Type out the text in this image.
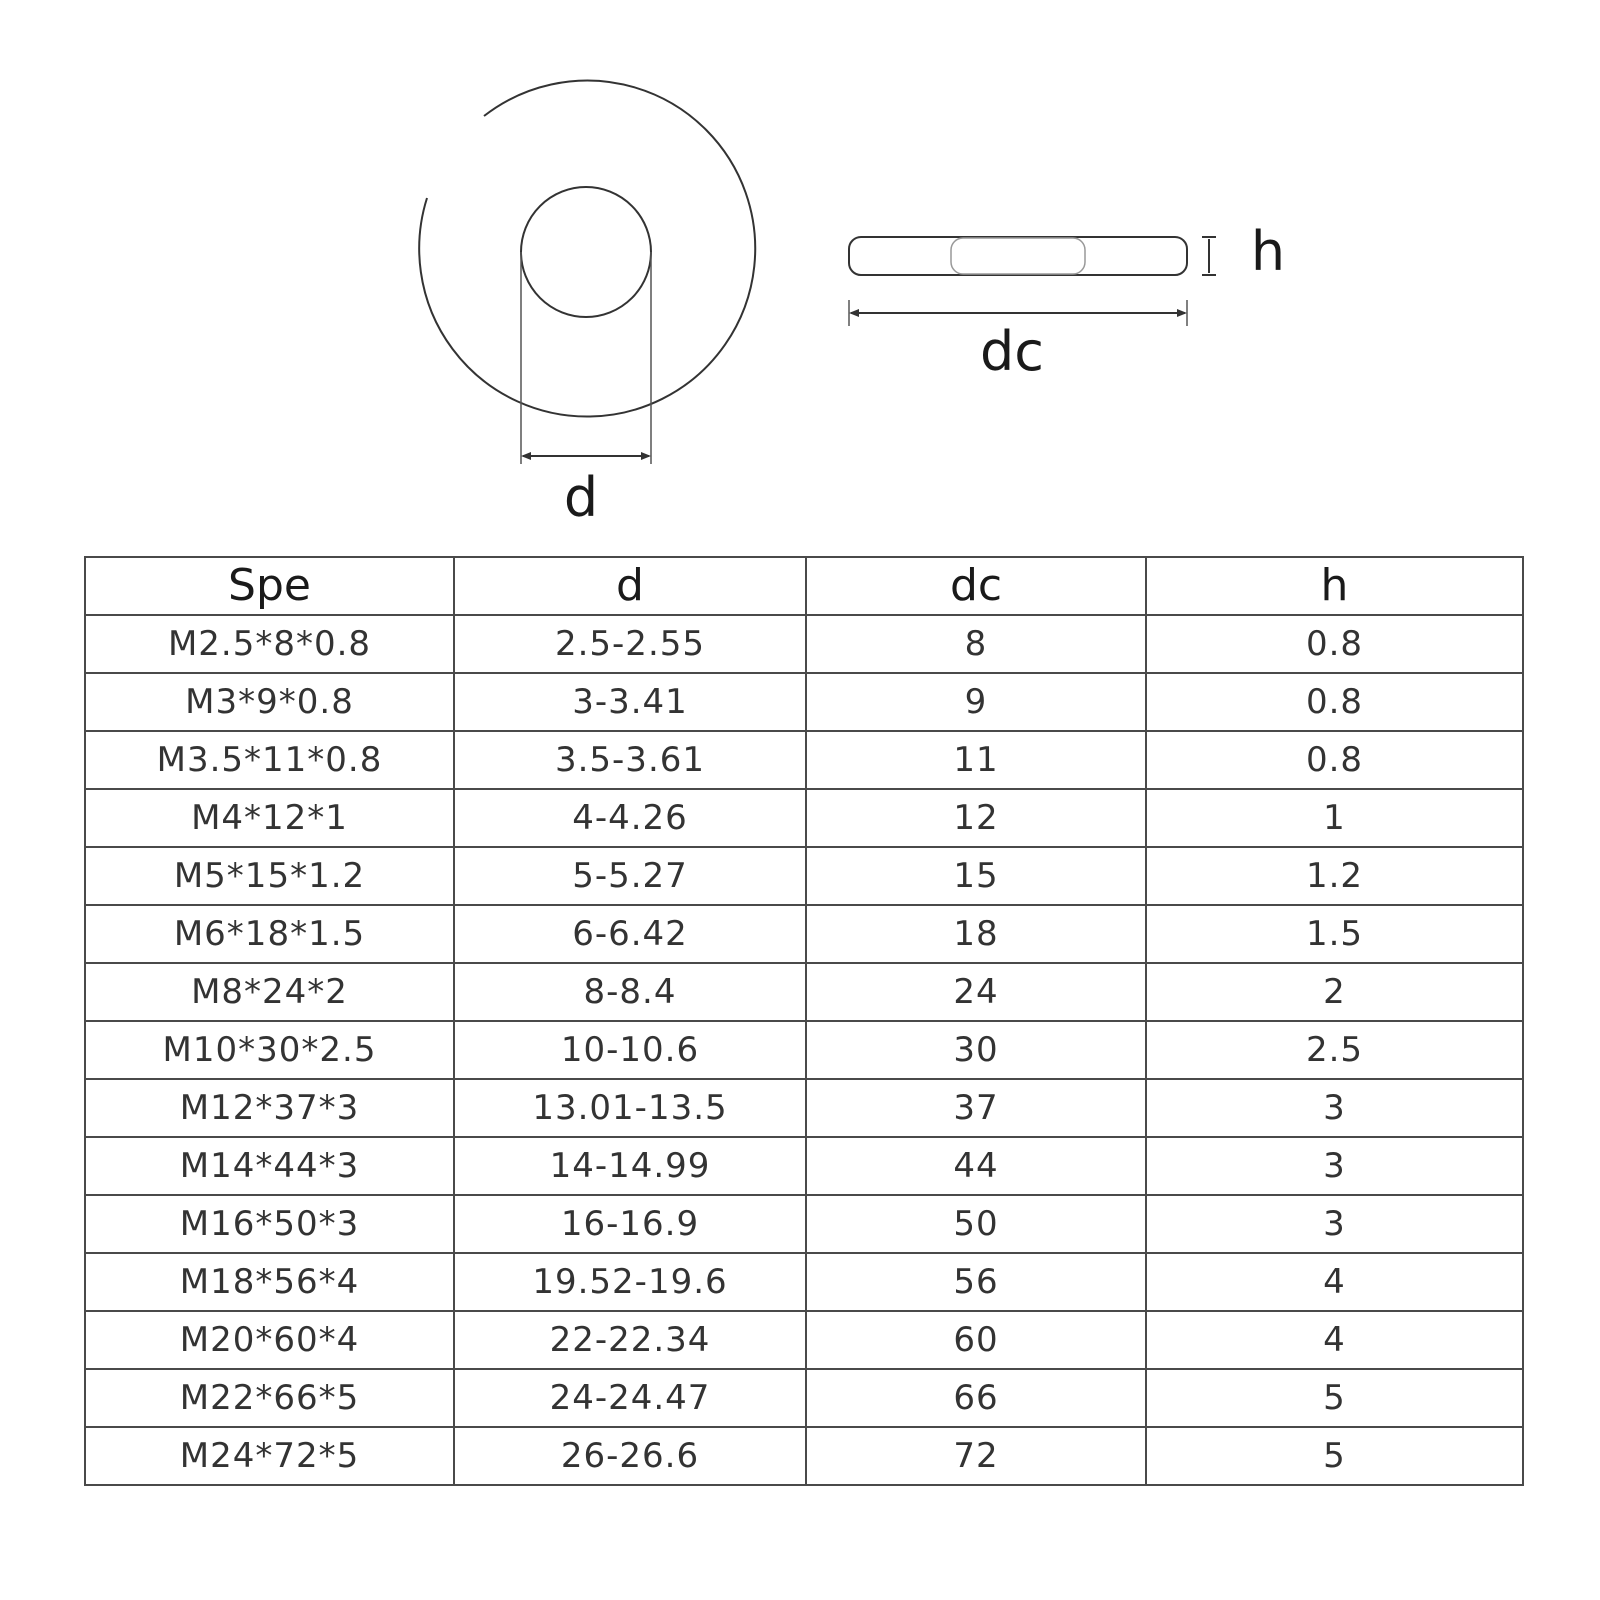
d
h
dc
Spe	d	dc	h
M2.5*8*0.8	2.5-2.55	8	0.8
M3*9*0.8	3-3.41	9	0.8
M3.5*11*0.8	3.5-3.61	11	0.8
M4*12*1	4-4.26	12	1
M5*15*1.2	5-5.27	15	1.2
M6*18*1.5	6-6.42	18	1.5
M8*24*2	8-8.4	24	2
M10*30*2.5	10-10.6	30	2.5
M12*37*3	13.01-13.5	37	3
M14*44*3	14-14.99	44	3
M16*50*3	16-16.9	50	3
M18*56*4	19.52-19.6	56	4
M20*60*4	22-22.34	60	4
M22*66*5	24-24.47	66	5
M24*72*5	26-26.6	72	5
